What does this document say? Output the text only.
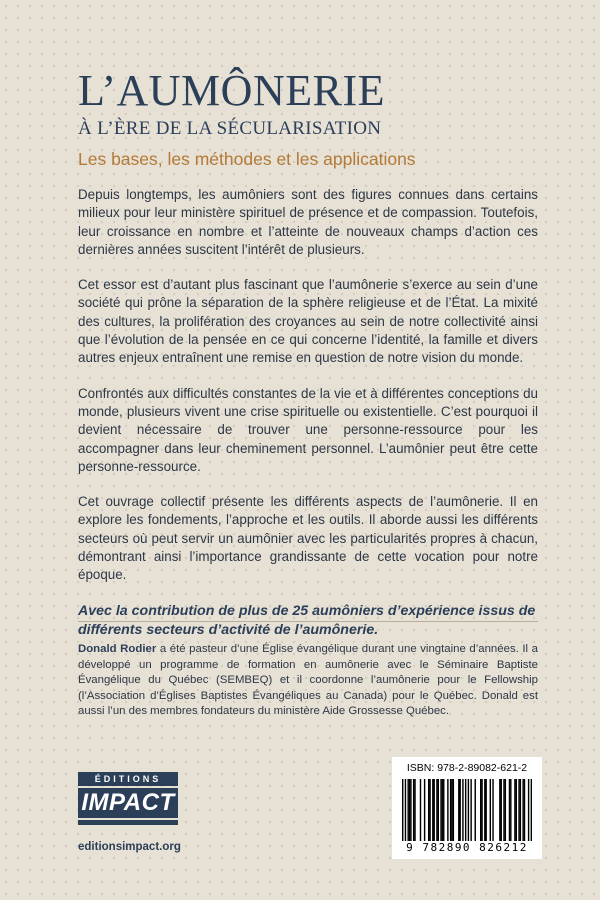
L’AUMÔNERIE
À L’ÈRE DE LA SÉCULARISATION
Les bases, les méthodes et les applications

Depuis longtemps, les aumôniers sont des figures connues dans certains milieux pour leur ministère spirituel de présence et de compassion. Toutefois, leur croissance en nombre et l’atteinte de nouveaux champs d’action ces dernières années suscitent l’intérêt de plusieurs.

Cet essor est d’autant plus fascinant que l’aumônerie s’exerce au sein d’une société qui prône la séparation de la sphère religieuse et de l’État. La mixité des cultures, la prolifération des croyances au sein de notre collectivité ainsi que l’évolution de la pensée en ce qui concerne l’identité, la famille et divers autres enjeux entraînent une remise en question de notre vision du monde.

Confrontés aux difficultés constantes de la vie et à différentes conceptions du monde, plusieurs vivent une crise spirituelle ou existentielle. C’est pourquoi il devient nécessaire de trouver une personne-ressource pour les accompagner dans leur cheminement personnel. L’aumônier peut être cette personne-ressource.

Cet ouvrage collectif présente les différents aspects de l’aumônerie. Il en explore les fondements, l’approche et les outils. Il aborde aussi les différents secteurs où peut servir un aumônier avec les particularités propres à chacun, démontrant ainsi l’importance grandissante de cette vocation pour notre époque.

Avec la contribution de plus de 25 aumôniers d’expérience issus de différents secteurs d’activité de l’aumônerie.

Donald Rodier a été pasteur d’une Église évangélique durant une vingtaine d’années. Il a développé un programme de formation en aumônerie avec le Séminaire Baptiste Évangélique du Québec (SEMBEQ) et il coordonne l’aumônerie pour le Fellowship (l’Association d’Églises Baptistes Évangéliques au Canada) pour le Québec. Donald est aussi l’un des membres fondateurs du ministère Aide Grossesse Québec.
ÉDITIONS
IMPACT
editionsimpact.org
ISBN: 978-2-89082-621-2
9 782890 826212
